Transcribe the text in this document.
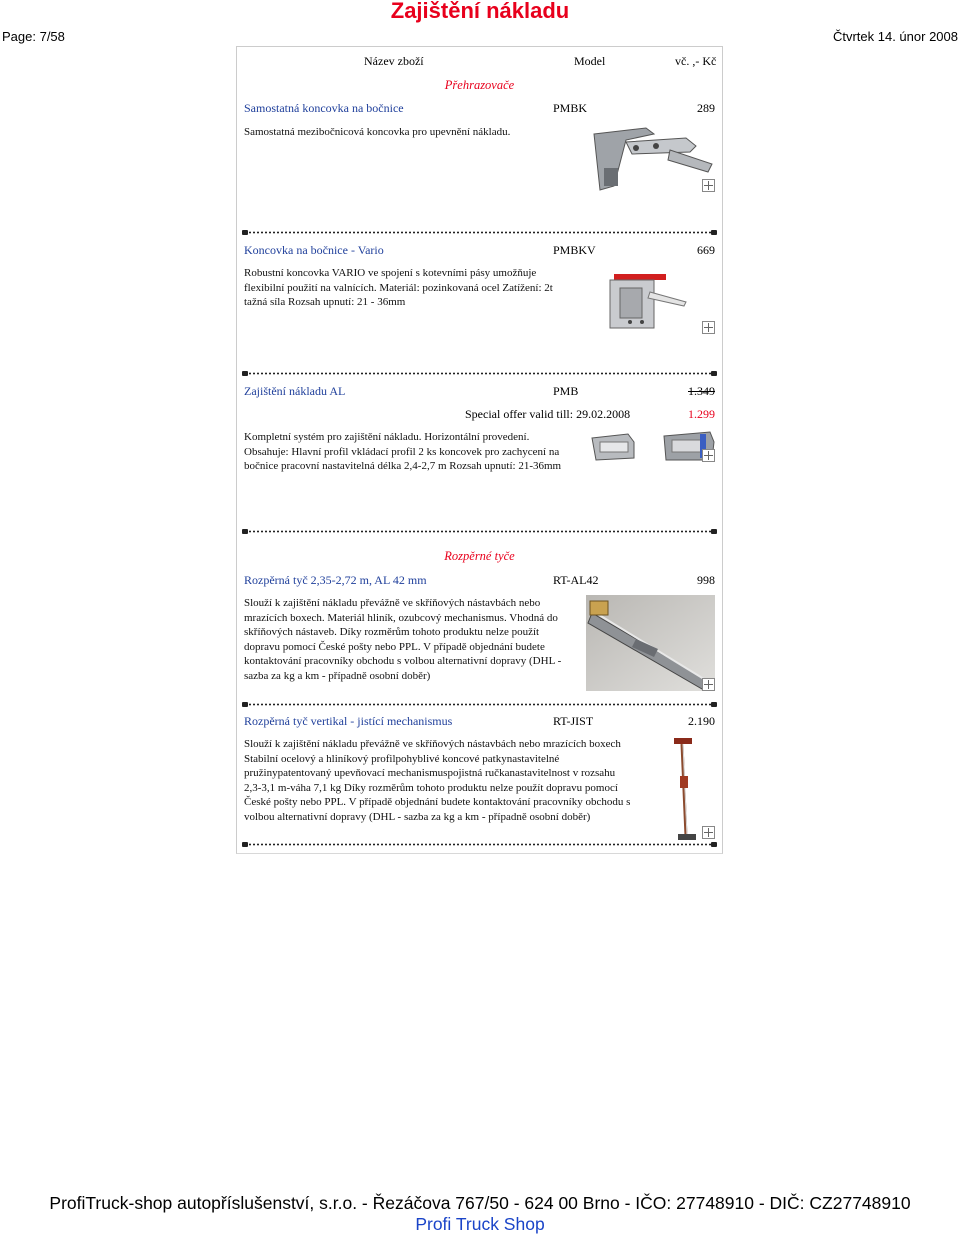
Zajištění nákladu
Page: 7/58	Čtvrtek 14. únor 2008
Název zboží	Model	vč. ,- Kč
Přehrazovače
Samostatná koncovka na bočnice	PMBK	289
Samostatná mezibočnicová koncovka pro upevnění nákladu.
Koncovka na bočnice - Vario	PMBKV	669
Robustní koncovka VARIO ve spojení s kotevními pásy umožňuje
flexibilní použití na valnících. Materiál: pozinkovaná ocel Zatížení: 2t
tažná síla Rozsah upnutí: 21 - 36mm
Zajištění nákladu AL	PMB	1.349
Special offer valid till: 29.02.2008	1.299
Kompletní systém pro zajištění nákladu. Horizontální provedení.
Obsahuje: Hlavní profil vkládací profil 2 ks koncovek pro zachycení na
bočnice pracovní nastavitelná délka 2,4-2,7 m Rozsah upnutí: 21-36mm
Rozpěrné tyče
Rozpěrná tyč 2,35-2,72 m, AL 42 mm	RT-AL42	998
Slouží k zajištění nákladu převážně ve skříňových nástavbách nebo
mrazících boxech. Materiál hliník, ozubcový mechanismus. Vhodná do
skříňových nástaveb. Díky rozměrům tohoto produktu nelze použít
dopravu pomocí České pošty nebo PPL. V případě objednání budete
kontaktování pracovníky obchodu s volbou alternativní dopravy (DHL -
sazba za kg a km - případně osobní doběr)
Rozpěrná tyč vertikal - jistící mechanismus	RT-JIST	2.190
Slouží k zajištění nákladu převážně ve skříňových nástavbách nebo mrazících boxech
Stabilní ocelový a hliníkový profilpohyblivé koncové patkynastavitelné
pružinypatentovaný upevňovací mechanismuspojistná ručkanastavitelnost v rozsahu
2,3-3,1 m-váha 7,1 kg Díky rozměrům tohoto produktu nelze použít dopravu pomocí
České pošty nebo PPL. V případě objednání budete kontaktování pracovníky obchodu s
volbou alternativní dopravy (DHL - sazba za kg a km - případně osobní doběr)
ProfiTruck-shop autopříslušenství, s.r.o. - Řezáčova 767/50 - 624 00 Brno - IČO: 27748910 - DIČ: CZ27748910
Profi Truck Shop
